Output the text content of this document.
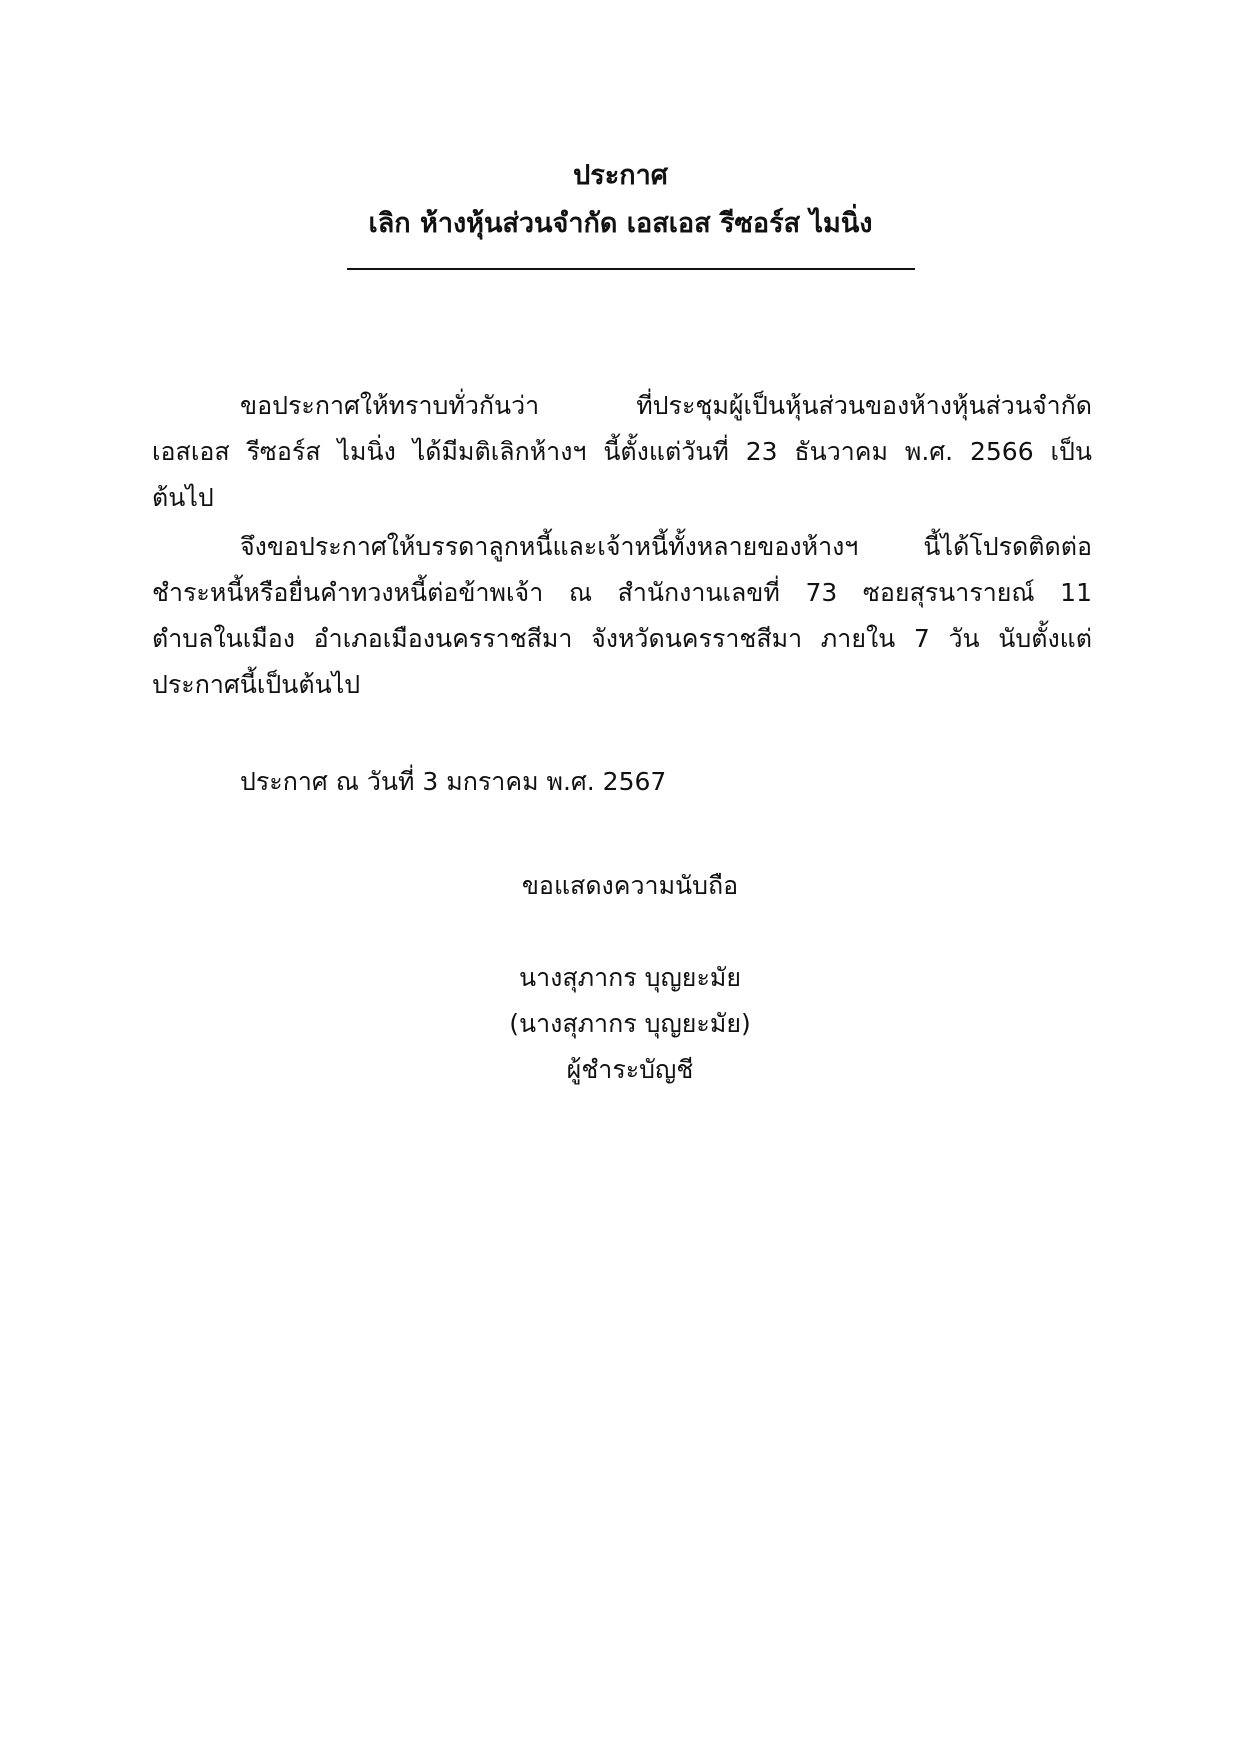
ประกาศ
เลิก ห้างหุ้นส่วนจำกัด เอสเอส รีซอร์ส ไมนิ่ง
ขอประกาศให้ทราบทั่วกันว่า ที่ประชุมผู้เป็นหุ้นส่วนของห้างหุ้นส่วนจำกัด
เอสเอส รีซอร์ส ไมนิ่ง ได้มีมติเลิกห้างฯ นี้ตั้งแต่วันที่ 23 ธันวาคม พ.ศ. 2566 เป็น
ต้นไป
จึงขอประกาศให้บรรดาลูกหนี้และเจ้าหนี้ทั้งหลายของห้างฯ นี้ได้โปรดติดต่อ
ชำระหนี้หรือยื่นคำทวงหนี้ต่อข้าพเจ้า ณ สำนักงานเลขที่ 73 ซอยสุรนารายณ์ 11
ตำบลในเมือง อำเภอเมืองนครราชสีมา จังหวัดนครราชสีมา ภายใน 7 วัน นับตั้งแต่
ประกาศนี้เป็นต้นไป
ประกาศ ณ วันที่ 3 มกราคม พ.ศ. 2567
ขอแสดงความนับถือ
นางสุภากร บุญยะมัย
(นางสุภากร บุญยะมัย)
ผู้ชำระบัญชี
